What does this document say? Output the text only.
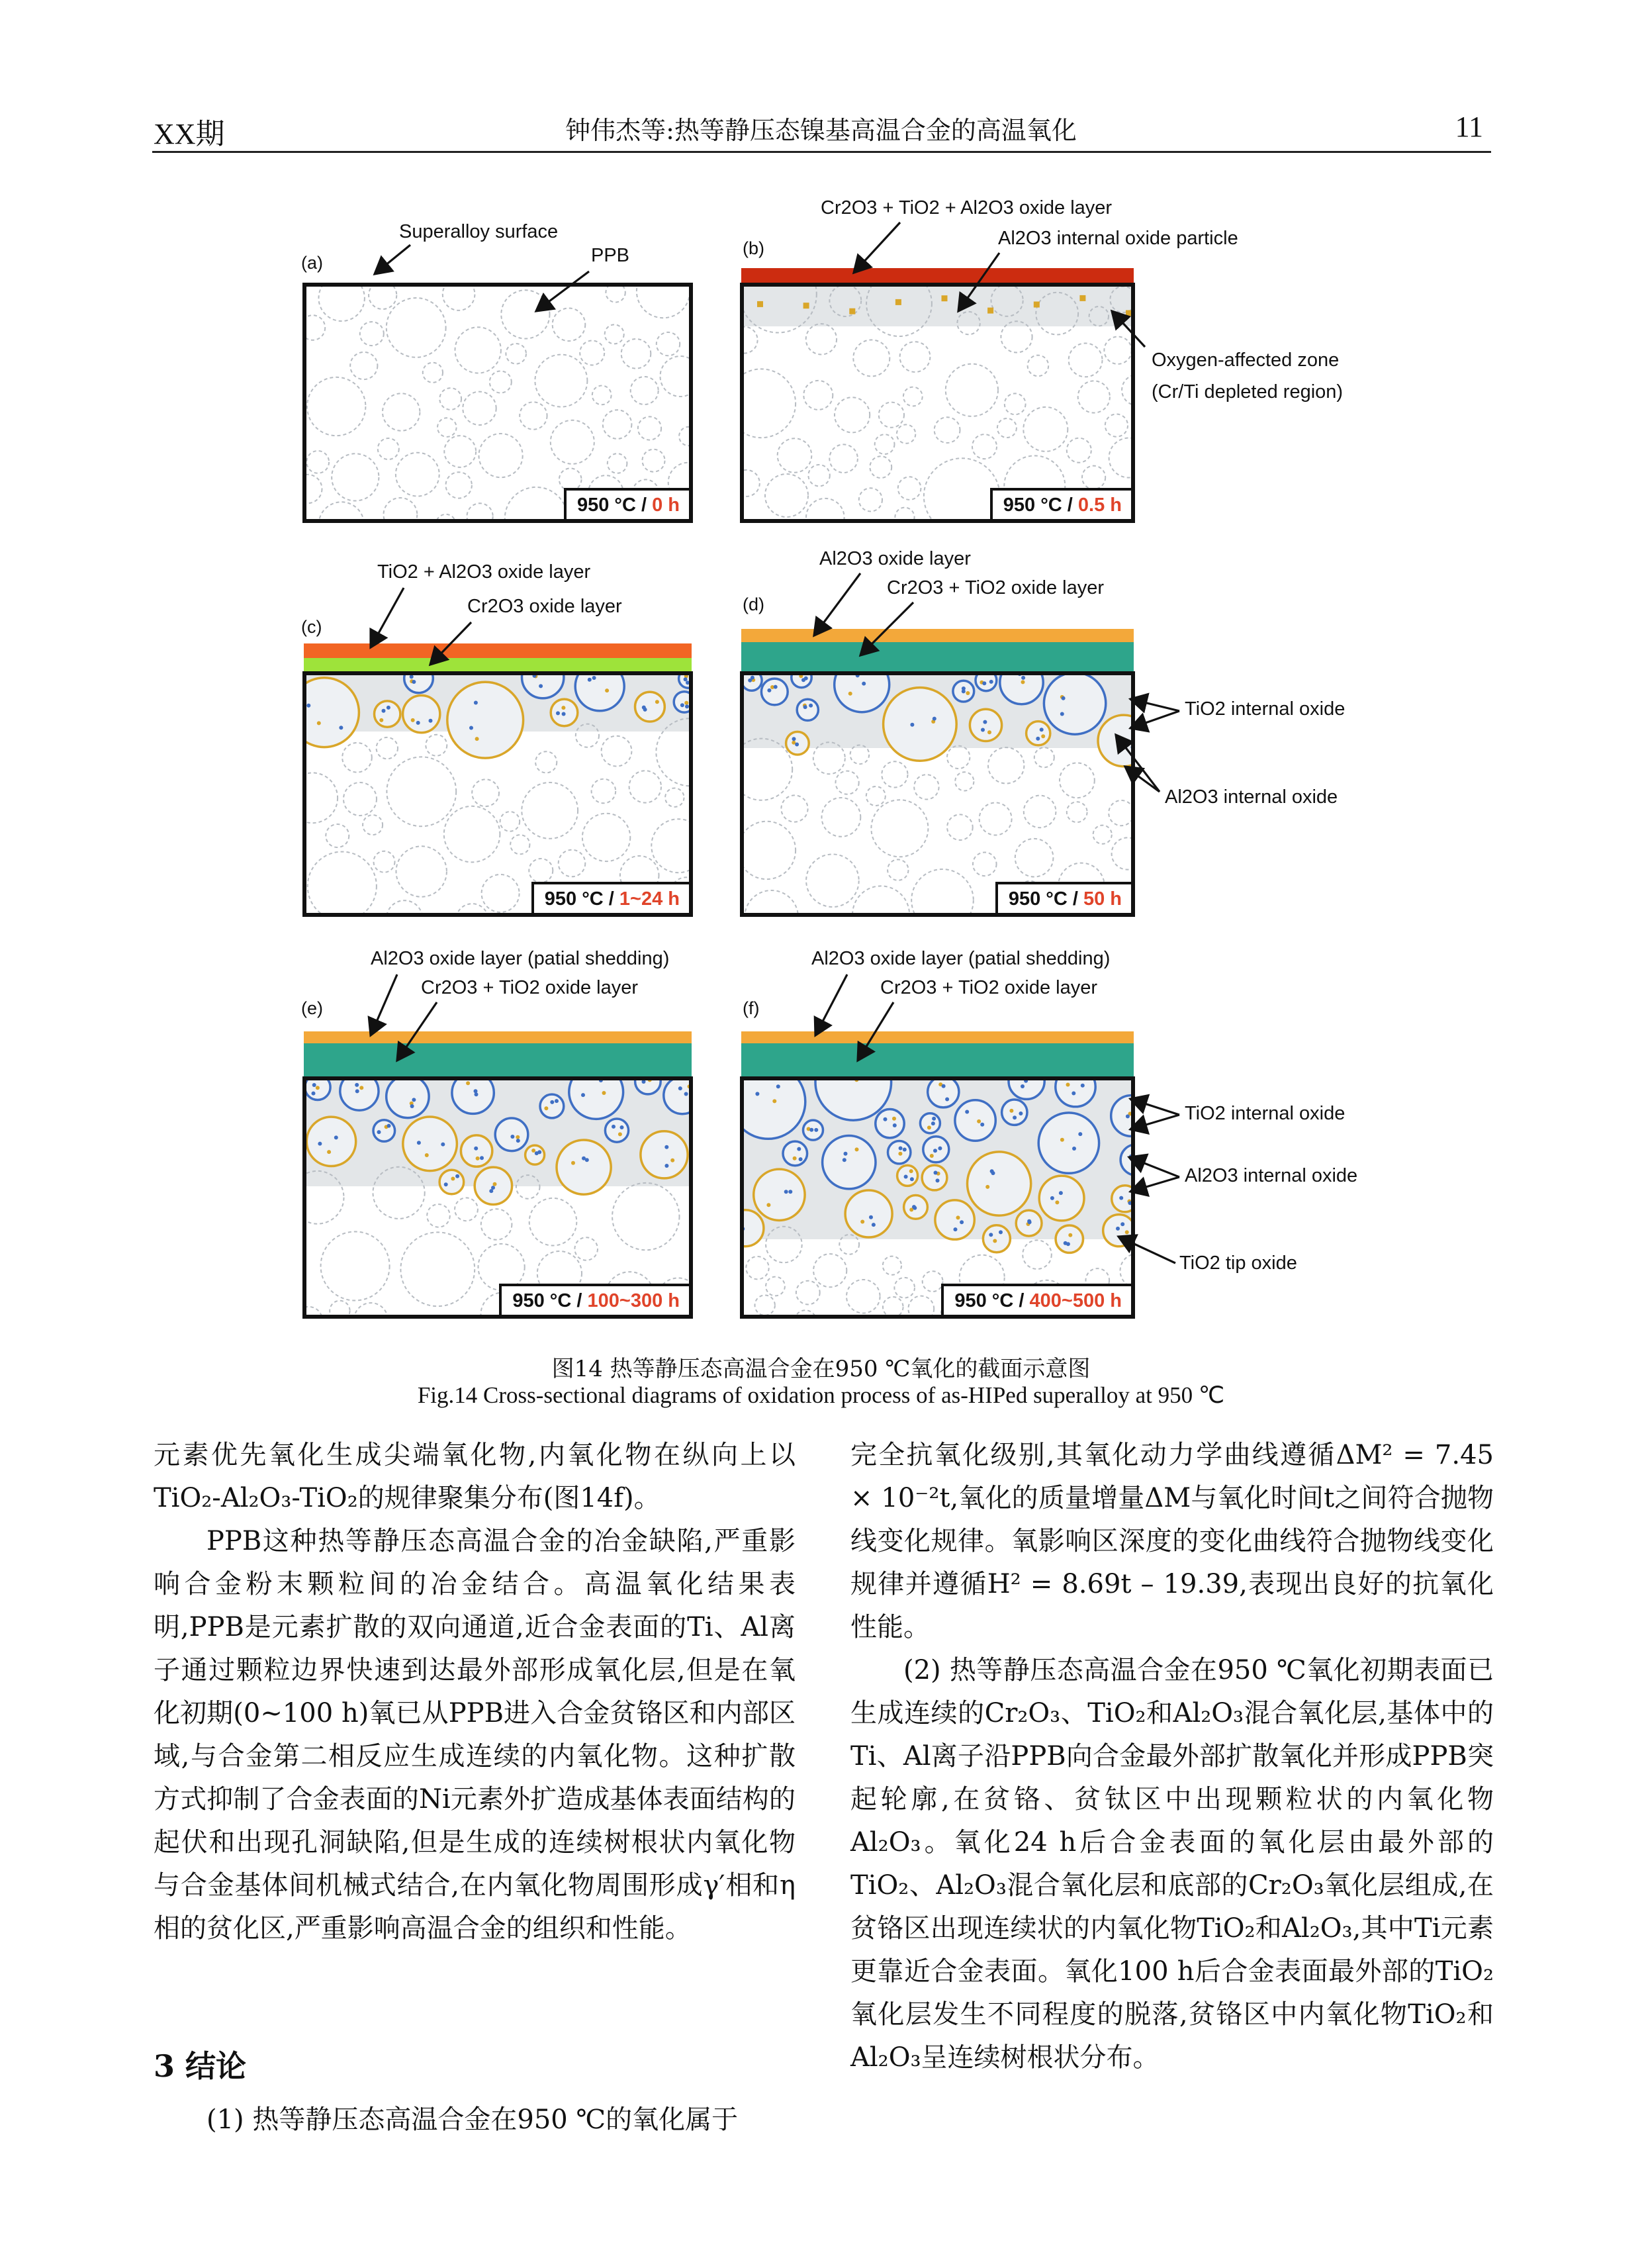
XX期	钟伟杰等:热等静压态镍基高温合金的高温氧化	11
(a)
(b)
(c)
(d)
(e)	(f)
950 °C / 0 h	950 °C / 0.5 h
950 °C / 1~24 h	950 °C / 50 h
950 °C / 100~300 h	950 °C / 400~500 h
Superalloy surface
PPB
Cr2O3 + TiO2 + Al2O3 oxide layer
Al2O3 internal oxide particle
Oxygen-affected zone
(Cr/Ti depleted region)
TiO2 + Al2O3 oxide layer
Cr2O3 oxide layer
Al2O3 oxide layer
Cr2O3 + TiO2 oxide layer
TiO2 internal oxide
Al2O3 internal oxide
Al2O3 oxide layer (patial shedding)
Cr2O3 + TiO2 oxide layer
Al2O3 oxide layer (patial shedding)
Cr2O3 + TiO2 oxide layer
TiO2 internal oxide
Al2O3 internal oxide
TiO2 tip oxide
图14 热等静压态高温合金在950 ℃氧化的截面示意图
Fig.14 Cross-sectional diagrams of oxidation process of as-HIPed superalloy at 950 ℃

元素优先氧化生成尖端氧化物,内氧化物在纵向上以TiO₂-Al₂O₃-TiO₂的规律聚集分布(图14f)。

PPB这种热等静压态高温合金的冶金缺陷,严重影响合金粉末颗粒间的冶金结合。高温氧化结果表明,PPB是元素扩散的双向通道,近合金表面的Ti、Al离子通过颗粒边界快速到达最外部形成氧化层,但是在氧化初期(0~100 h)氧已从PPB进入合金贫铬区和内部区域,与合金第二相反应生成连续的内氧化物。这种扩散方式抑制了合金表面的Ni元素外扩造成基体表面结构的起伏和出现孔洞缺陷,但是生成的连续树根状内氧化物与合金基体间机械式结合,在内氧化物周围形成γ′相和η相的贫化区,严重影响高温合金的组织和性能。

3 结论

(1) 热等静压态高温合金在950 ℃的氧化属于

完全抗氧化级别,其氧化动力学曲线遵循ΔM² = 7.45 × 10⁻²t,氧化的质量增量ΔM与氧化时间t之间符合抛物线变化规律。氧影响区深度的变化曲线符合抛物线变化规律并遵循H² = 8.69t – 19.39,表现出良好的抗氧化性能。

(2) 热等静压态高温合金在950 ℃氧化初期表面已生成连续的Cr₂O₃、TiO₂和Al₂O₃混合氧化层,基体中的Ti、Al离子沿PPB向合金最外部扩散氧化并形成PPB突起轮廓,在贫铬、贫钛区中出现颗粒状的内氧化物Al₂O₃。氧化24 h后合金表面的氧化层由最外部的TiO₂、Al₂O₃混合氧化层和底部的Cr₂O₃氧化层组成,在贫铬区出现连续状的内氧化物TiO₂和Al₂O₃,其中Ti元素更靠近合金表面。氧化100 h后合金表面最外部的TiO₂氧化层发生不同程度的脱落,贫铬区中内氧化物TiO₂和Al₂O₃呈连续树根状分布。
